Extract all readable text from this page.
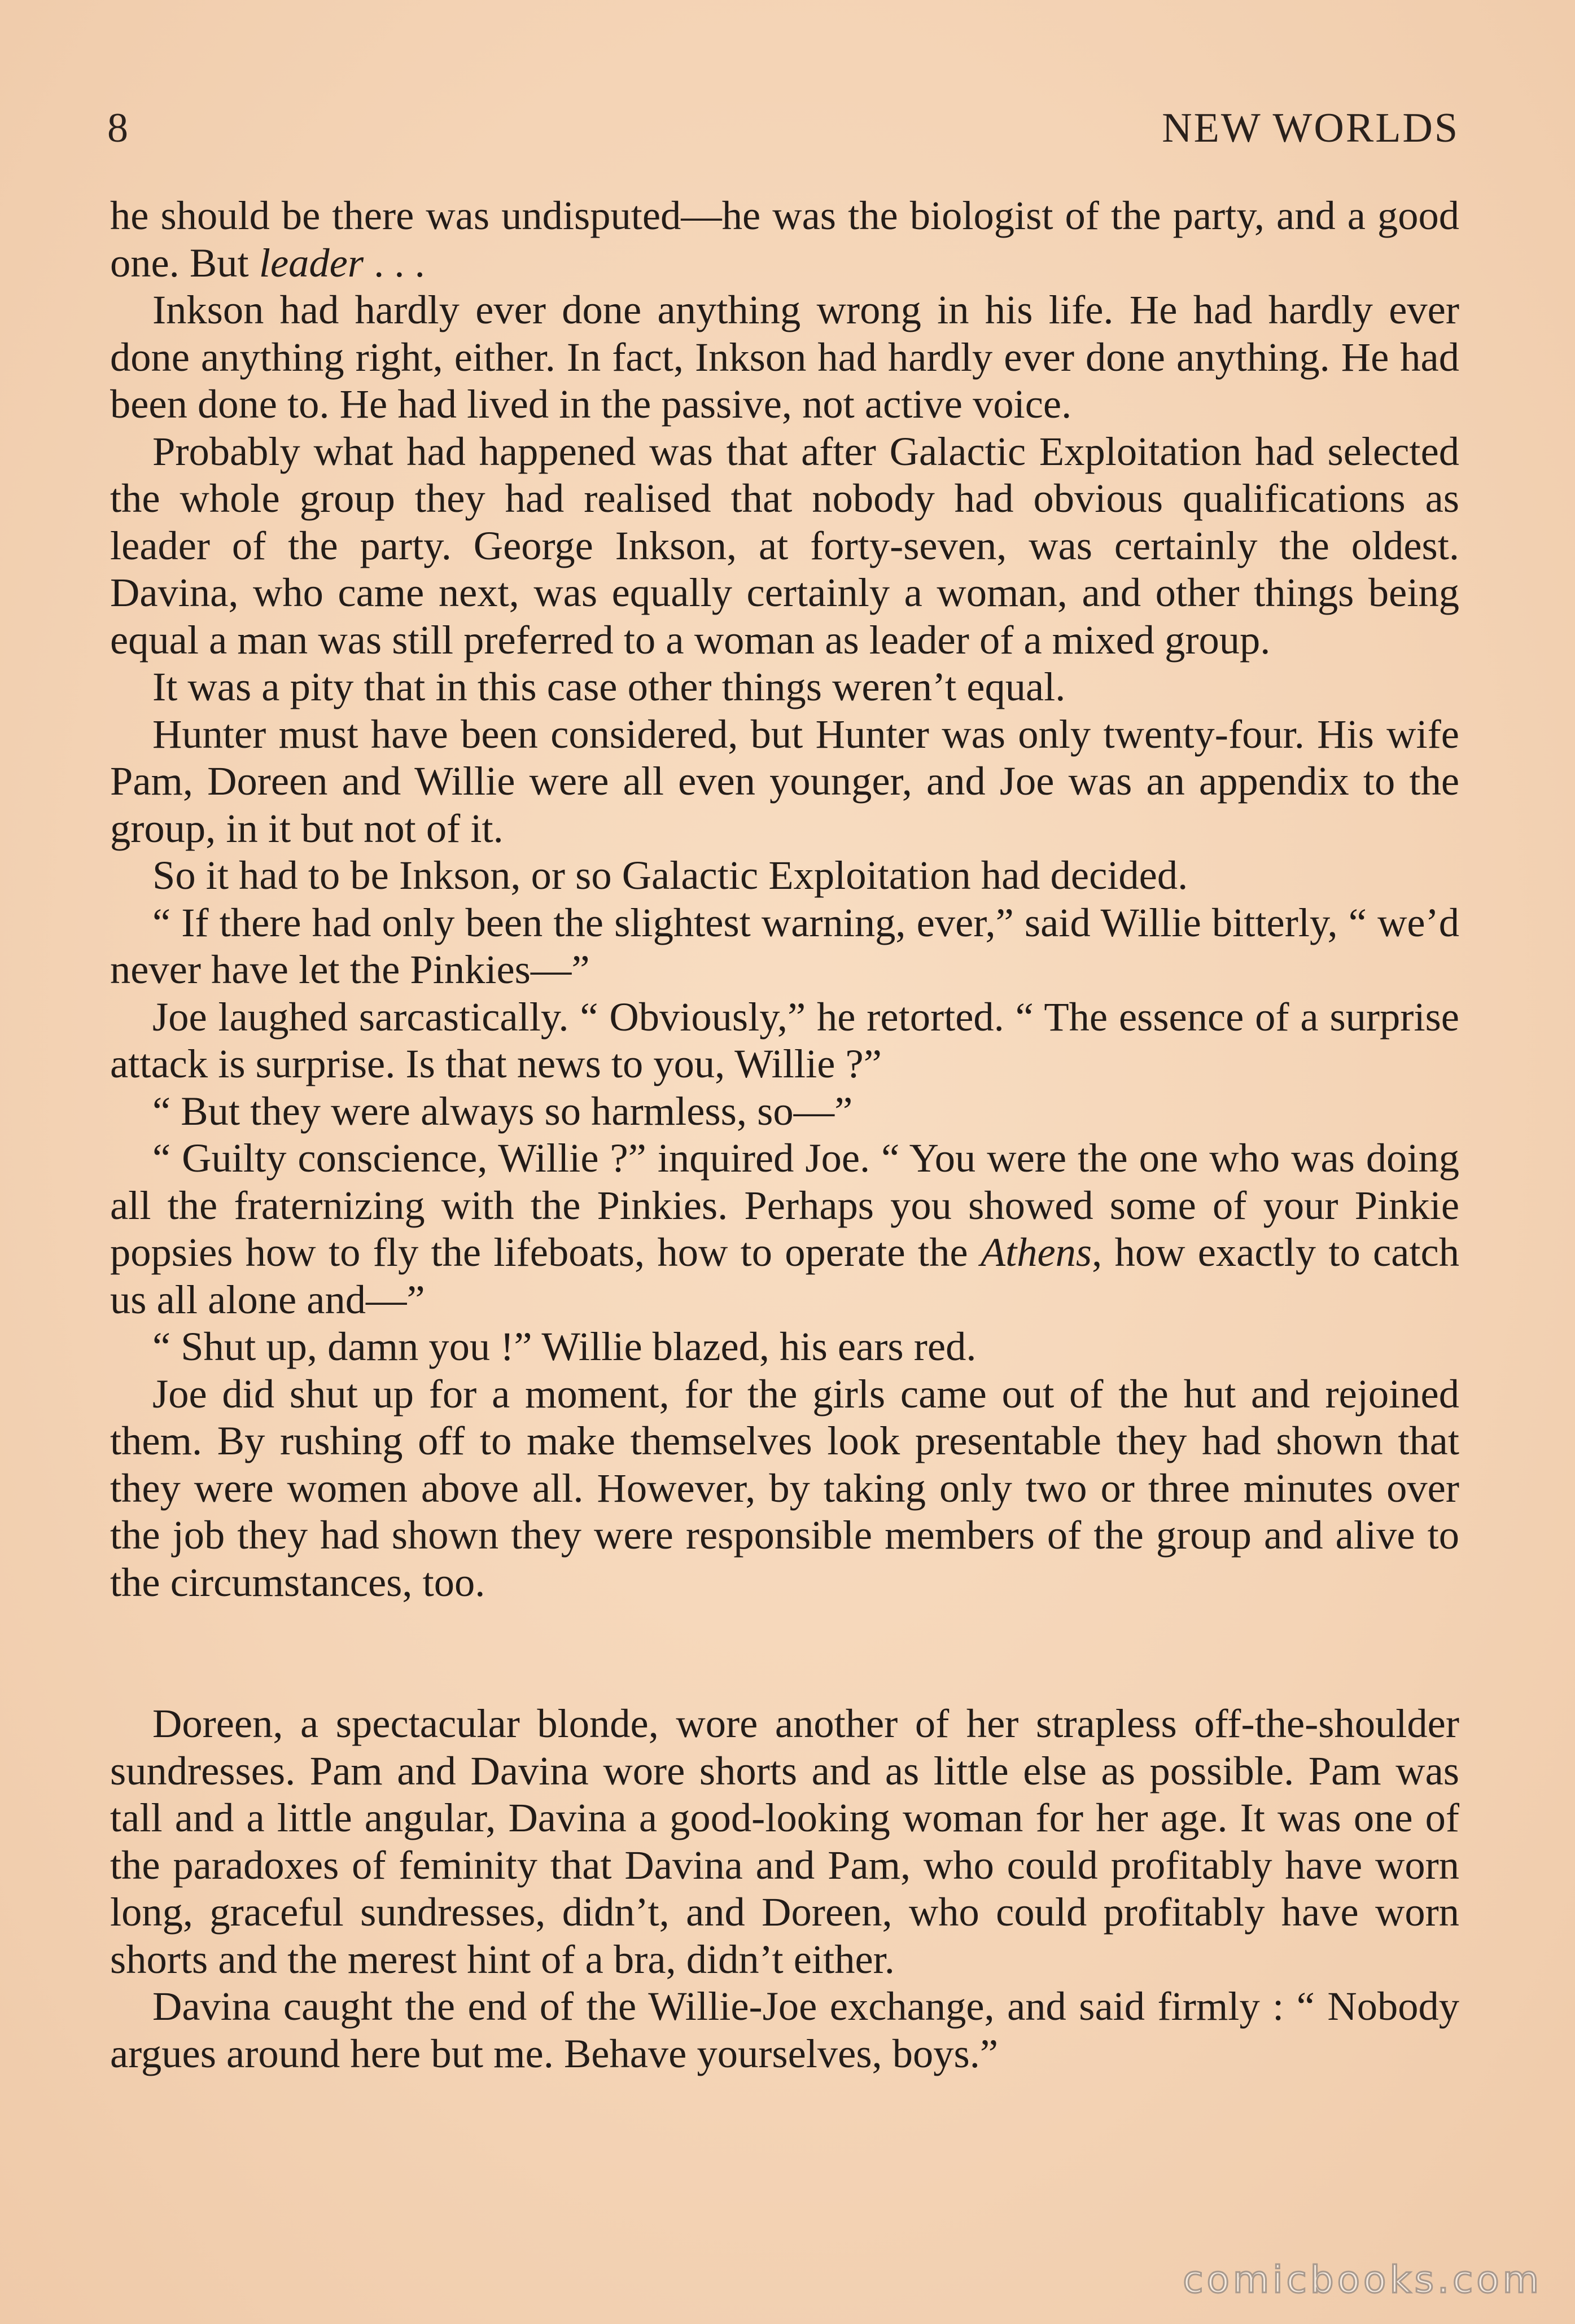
8	NEW WORLDS

he should be there was undisputed—he was the biologist of the party, and a good one. But leader . . .

Inkson had hardly ever done anything wrong in his life. He had hardly ever done anything right, either. In fact, Inkson had hardly ever done anything. He had been done to. He had lived in the passive, not active voice.

Probably what had happened was that after Galactic Exploitation had selected the whole group they had realised that nobody had obvious qualifications as leader of the party. George Inkson, at forty-seven, was certainly the oldest. Davina, who came next, was equally certainly a woman, and other things being equal a man was still preferred to a woman as leader of a mixed group.

It was a pity that in this case other things weren’t equal.

Hunter must have been considered, but Hunter was only twenty-four. His wife Pam, Doreen and Willie were all even younger, and Joe was an appendix to the group, in it but not of it.

So it had to be Inkson, or so Galactic Exploitation had decided.

“ If there had only been the slightest warning, ever,” said Willie bitterly, “ we’d never have let the Pinkies—”

Joe laughed sarcastically. “ Obviously,” he retorted. “ The essence of a surprise attack is surprise. Is that news to you, Willie ?”

“ But they were always so harmless, so—”

“ Guilty conscience, Willie ?” inquired Joe. “ You were the one who was doing all the fraternizing with the Pinkies. Perhaps you showed some of your Pinkie popsies how to fly the lifeboats, how to operate the Athens, how exactly to catch us all alone and—”

“ Shut up, damn you !” Willie blazed, his ears red.

Joe did shut up for a moment, for the girls came out of the hut and rejoined them. By rushing off to make themselves look presentable they had shown that they were women above all. However, by taking only two or three minutes over the job they had shown they were responsible members of the group and alive to the circumstances, too.

Doreen, a spectacular blonde, wore another of her strapless off-the-shoulder sundresses. Pam and Davina wore shorts and as little else as possible. Pam was tall and a little angular, Davina a good-looking woman for her age. It was one of the paradoxes of feminity that Davina and Pam, who could profitably have worn long, graceful sundresses, didn’t, and Doreen, who could profitably have worn shorts and the merest hint of a bra, didn’t either.

Davina caught the end of the Willie-Joe exchange, and said firmly : “ Nobody argues around here but me. Behave yourselves, boys.”

comicbooks.com
